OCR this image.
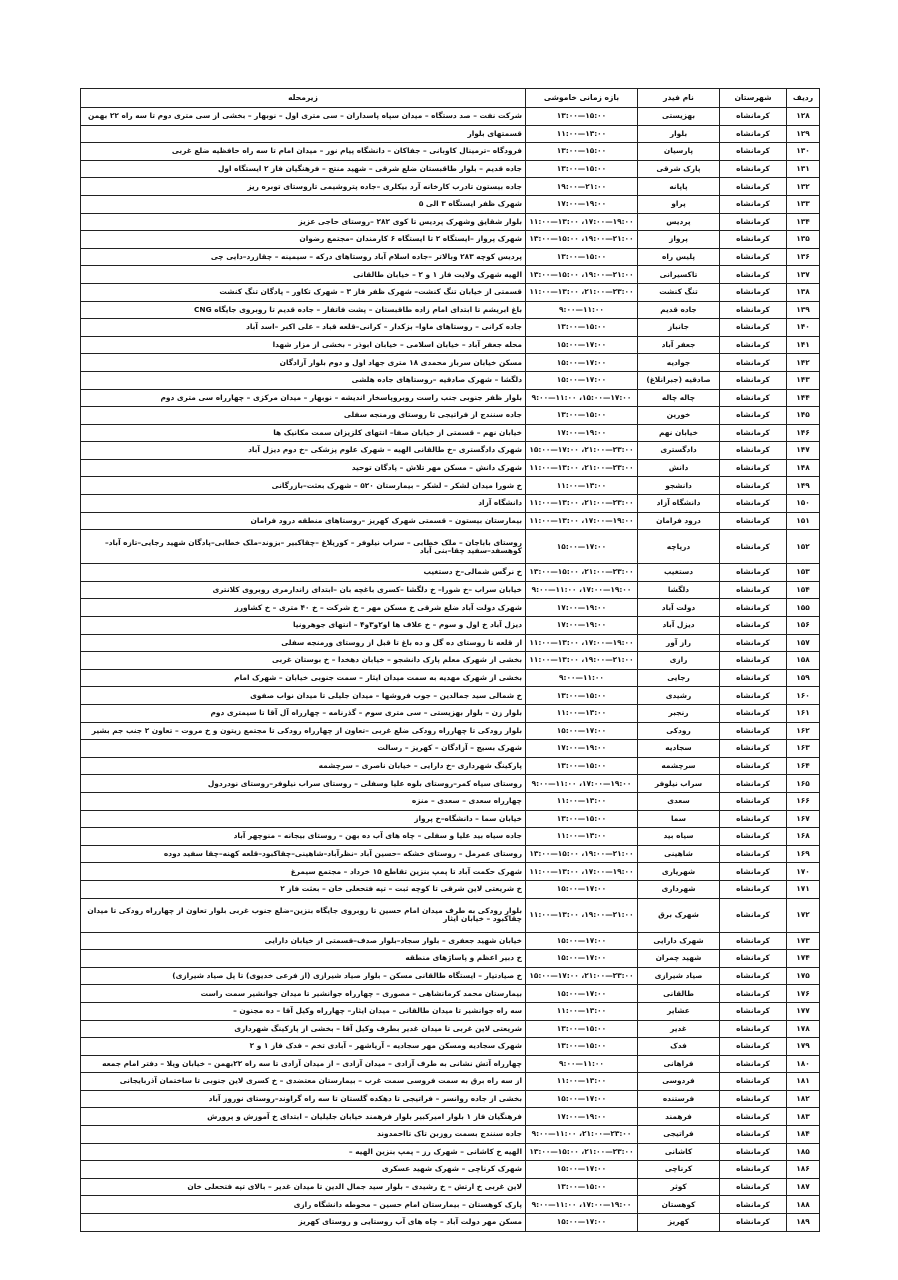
ردیف	شهرستان	نام فیدر	بازه زمانی خاموشی	زیرمحله
۱۲۸	کرمانشاه	بهزیستی	۱۵:۰۰—۱۳:۰۰	شرکت نفت – صد دستگاه – میدان سپاه پاسداران – سی متری اول – نوبهار – بخشی از سی متری دوم تا سه راه ۲۲ بهمن
۱۲۹	کرمانشاه	بلوار	۱۳:۰۰—۱۱:۰۰	قسمتهای بلوار
۱۳۰	کرمانشاه	پارسیان	۱۵:۰۰—۱۳:۰۰	فرودگاه –ترمینال کاوبانی – جفاکان – دانشگاه پیام نور – میدان امام تا سه راه حافظیه ضلع غربی
۱۳۱	کرمانشاه	پارک شرقی	۱۵:۰۰—۱۳:۰۰	جاده قدیم – بلوار طاقبستان ضلع شرقی – شهید منتج – فرهنگیان فاز ۲ ایستگاه اول
۱۳۲	کرمانشاه	پاپانه	۲۱:۰۰—۱۹:۰۰	جاده بیستون تادرب کارخانه آرد بیکلری –جاده پتروشیمی تاروستای توبره ریز
۱۳۳	کرمانشاه	پراو	۱۹:۰۰—۱۷:۰۰	شهرک ظفر ایستگاه ۳ الی ۵
۱۳۴	کرمانشاه	پردیس	۱۹:۰۰—۱۷:۰۰، ۱۳:۰۰—۱۱:۰۰	بلوار شقایق وشهرک پردیس تا کوی ۲۸۲ –روستای حاجی عزیز
۱۳۵	کرمانشاه	پرواز	۲۱:۰۰—۱۹:۰۰، ۱۵:۰۰—۱۳:۰۰	شهرک پرواز –ایستگاه ۲ تا ایستگاه ۶ کارمندان –مجتمع رضوان
۱۳۶	کرمانشاه	پلیس راه	۱۵:۰۰—۱۳:۰۰	پردیس کوچه ۲۸۳ وبالاتر –جاده اسلام آباد روستاهای درکه – سیمینه – چقازرد–دایی چی
۱۳۷	کرمانشاه	تاکسیرانی	۲۱:۰۰—۱۹:۰۰، ۱۵:۰۰—۱۳:۰۰	الهیه شهرک ولایت فاز ۱ و ۲ – خیابان طالقانی
۱۳۸	کرمانشاه	تنگ کنشت	۲۳:۰۰—۲۱:۰۰، ۱۳:۰۰—۱۱:۰۰	قسمتی از خیابان تنگ کنشت– شهرک ظفر فاز ۳ – شهرک تکاور – پادگان تنگ کنشت
۱۳۹	کرمانشاه	جاده قدیم	۱۱:۰۰—۹:۰۰	باغ ابریشم تا ابتدای امام زاده طاقبستان – پشت فاتفار – جاده قدیم تا روبروی جایگاه CNG
۱۴۰	کرمانشاه	جانباز	۱۵:۰۰—۱۳:۰۰	جاده کرانی – روستاهای ماوا– بزکدار – کرانی–قلعه قباد – علی اکبر –اسد آباد
۱۴۱	کرمانشاه	جعفر آباد	۱۷:۰۰—۱۵:۰۰	محله جعفر آباد – خیابان اسلامی – خیابان ابوذر – بخشی از مزار شهدا
۱۴۲	کرمانشاه	جوادیه	۱۷:۰۰—۱۵:۰۰	مسکن خیابان سرباز محمدی ۱۸ متری جهاد اول و دوم بلوار آزادگان
۱۴۳	کرمانشاه	صادقیه (جبرانلاغ)	۱۷:۰۰—۱۵:۰۰	دلگشا – شهرک صادقیه –روستاهای جاده هلشی
۱۴۴	کرمانشاه	چاله چاله	۱۷:۰۰—۱۵:۰۰، ۱۱:۰۰—۹:۰۰	بلوار ظفر جنوبی جنب راست روبروپاسخار اندیشه – نوبهار – میدان مرکزی – چهارراه سی متری دوم
۱۴۵	کرمانشاه	خورین	۱۵:۰۰—۱۳:۰۰	جاده سنندج از فراتیجی تا روستای ورمنجه سفلی
۱۴۶	کرمانشاه	خیابان نهم	۱۹:۰۰—۱۷:۰۰	خیابان نهم – قسمتی از خیابان صفا– انتهای کلزیزان سمت مکانیک ها
۱۴۷	کرمانشاه	دادگستری	۲۳:۰۰—۲۱:۰۰، ۱۷:۰۰—۱۵:۰۰	شهرک دادگستری –خ طالقانی الهیه – شهرک علوم پزشکی –خ دوم دیزل آباد
۱۴۸	کرمانشاه	دانش	۲۳:۰۰—۲۱:۰۰، ۱۳:۰۰—۱۱:۰۰	شهرک دانش – مسکن مهر تلاش – پادگان توحید
۱۴۹	کرمانشاه	دانشجو	۱۳:۰۰—۱۱:۰۰	خ شورا میدان لشکر – لشکر – بیمارستان ۵۲۰ – شهرک بعثت–بازرگانی
۱۵۰	کرمانشاه	دانشگاه آزاد	۲۳:۰۰—۲۱:۰۰، ۱۳:۰۰—۱۱:۰۰	دانشگاه آزاد
۱۵۱	کرمانشاه	درود فرامان	۱۹:۰۰—۱۷:۰۰، ۱۳:۰۰—۱۱:۰۰	بیمارستان بیستون – قسمتی شهرک کهریز –روستاهای منطقه درود فرامان
۱۵۲	کرمانشاه	دریاچه	۱۷:۰۰—۱۵:۰۰	روستای باباجان – ملک خطابی – سراب نیلوفر – کوریلاغ –چقاکبیر –بزوند–ملک خطابی–پادگان شهید رجایی–تازه آباد–کوهسفد–سفید چقا–بنی آباد
۱۵۳	کرمانشاه	دستغیب	۲۳:۰۰—۲۱:۰۰، ۱۵:۰۰—۱۳:۰۰	خ نرگس شمالی–خ دستغیب
۱۵۴	کرمانشاه	دلگشا	۱۹:۰۰—۱۷:۰۰، ۱۱:۰۰—۹:۰۰	خیابان سراب –خ شورا– خ دلگشا –کسری باغچه بان –ابتدای زاندارمری روبروی کلانتری
۱۵۵	کرمانشاه	دولت آباد	۱۹:۰۰—۱۷:۰۰	شهرک دولت آباد ضلع شرقی خ مسکن مهر – خ شرکت – خ ۴۰ متری – خ کشاورز
۱۵۶	کرمانشاه	دیزل آباد	۱۹:۰۰—۱۷:۰۰	دیزل آباد خ اول و سوم – خ علاف ها او۲و۳و۴ – انتهای جوهرونیا
۱۵۷	کرمانشاه	راز آور	۱۹:۰۰—۱۷:۰۰، ۱۳:۰۰—۱۱:۰۰	از قلعه تا روستای ده گل و ده باغ تا قبل از روستای ورمنجه سفلی
۱۵۸	کرمانشاه	رازی	۲۱:۰۰—۱۹:۰۰، ۱۳:۰۰—۱۱:۰۰	بخشی از شهرک معلم پارک دانشجو – خیابان دهخدا – خ بوستان غربی
۱۵۹	کرمانشاه	رجایی	۱۱:۰۰—۹:۰۰	بخشی از شهرک مهدیه به سمت میدان ایثار – سمت جنوبی خیابان – شهرک امام
۱۶۰	کرمانشاه	رشیدی	۱۵:۰۰—۱۳:۰۰	خ شمالی سید جمالدین – جوب فروشها – میدان جلیلی تا میدان نواب صفوی
۱۶۱	کرمانشاه	رنجبر	۱۳:۰۰—۱۱:۰۰	بلوار زن – بلوار بهزیستی – سی متری سوم – گذرنامه – چهارراه آل آقا تا سیمتری دوم
۱۶۲	کرمانشاه	رودکی	۱۷:۰۰—۱۵:۰۰	بلوار رودکی تا چهارراه رودکی ضلع غربی –تعاون از چهارراه رودکی تا مجتمع زیتون و خ مروت – تعاون ۲ جنب جم بشیر
۱۶۳	کرمانشاه	سجادیه	۱۹:۰۰—۱۷:۰۰	شهرک بسیج – آزادگان – کهریز – رسالت
۱۶۴	کرمانشاه	سرچشمه	۱۵:۰۰—۱۳:۰۰	پارکینگ شهرداری –خ دارایی – خیابان ناصری – سرچشمه
۱۶۵	کرمانشاه	سراب نیلوفر	۱۹:۰۰—۱۷:۰۰، ۱۱:۰۰—۹:۰۰	روستای سیاه کمر–روستای بلوه علیا وسفلی – روستای سراب نیلوفر–روستای نودردول
۱۶۶	کرمانشاه	سعدی	۱۳:۰۰—۱۱:۰۰	چهارراه سعدی – سعدی – منزه
۱۶۷	کرمانشاه	سما	۱۵:۰۰—۱۳:۰۰	خیابان سما – دانشگاه–خ پرواز
۱۶۸	کرمانشاه	سیاه بید	۱۳:۰۰—۱۱:۰۰	جاده سیاه بید علیا و سفلی – چاه های آب ده بهن – روستای بیجانه – منوچهر آباد
۱۶۹	کرمانشاه	شاهینی	۲۱:۰۰—۱۹:۰۰، ۱۵:۰۰—۱۳:۰۰	روستای عمرمل – روستای خشکه –حسین آباد –نظرآباد–شاهینی–چقاکبود–قلعه کهنه–چقا سفید دوده
۱۷۰	کرمانشاه	شهریاری	۱۹:۰۰—۱۷:۰۰، ۱۳:۰۰—۱۱:۰۰	شهرک حکمت آباد تا پمپ بنزین تقاطع ۱۵ خرداد – مجتمع سیمرغ
۱۷۱	کرمانشاه	شهرداری	۱۷:۰۰—۱۵:۰۰	خ شریعتی لاین شرقی تا کوچه ثبت – تپه فتحعلی خان – بعثت فاز ۲
۱۷۲	کرمانشاه	شهرک برق	۲۱:۰۰—۱۹:۰۰، ۱۳:۰۰—۱۱:۰۰	بلوار رودکی به طرف میدان امام حسین تا روبروی جایگاه بنزین–ضلع جنوب غربی بلوار تعاون از چهارراه رودکی تا میدان چقاکبود – خیابان ایثار
۱۷۳	کرمانشاه	شهرک دارایی	۱۷:۰۰—۱۵:۰۰	خیابان شهید جعفری – بلوار سجاد–بلوار صدف–قسمتی از خیابان دارایی
۱۷۴	کرمانشاه	شهید چمران	۱۷:۰۰—۱۵:۰۰	خ دبیر اعظم و پاساژهای منطقه
۱۷۵	کرمانشاه	صیاد شیرازی	۲۳:۰۰—۲۱:۰۰، ۱۷:۰۰—۱۵:۰۰	خ صیادتیار – ایستگاه طالقانی مسکن – بلوار صیاد شیرازی (از فرعی خدیوی) تا پل صیاد شیرازی)
۱۷۶	کرمانشاه	طالقانی	۱۷:۰۰—۱۵:۰۰	بیمارستان محمد کرمانشاهی – مصوری – چهارراه جوانشیر تا میدان جوانشیر سمت راست
۱۷۷	کرمانشاه	عشایر	۱۳:۰۰—۱۱:۰۰	سه راه جوانشیر تا میدان طالقانی – میدان ایثار– چهارراه وکیل آقا – ده مجنون –
۱۷۸	کرمانشاه	غدیر	۱۵:۰۰—۱۳:۰۰	شریعتی لاین غربی تا میدان غدیر بطرف وکیل آقا – بخشی از پارکینگ شهرداری
۱۷۹	کرمانشاه	فدک	۱۵:۰۰—۱۳:۰۰	شهرک سجادیه ومسکن مهر سجادیه – آریاشهر – آبادی تخم – فدک فاز ۱ و ۲
۱۸۰	کرمانشاه	فراهانی	۱۱:۰۰—۹:۰۰	چهارراه آتش نشانی به طرف آزادی – میدان آزادی – از میدان آزادی تا سه راه ۲۲بهمن – خیابان ویلا – دفتر امام جمعه
۱۸۱	کرمانشاه	فردوسی	۱۳:۰۰—۱۱:۰۰	از سه راه برق به سمت فروسی سمت غرب – بیمارستان معتضدی – خ کسری لاین جنوبی تا ساختمان آذربایجانی
۱۸۲	کرمانشاه	فرستنده	۱۷:۰۰—۱۵:۰۰	بخشی از جاده روانسر – فراتیجی تا دهکده گلستان تا سه راه گراوند–روستای نوروز آباد
۱۸۳	کرمانشاه	فرهمند	۱۹:۰۰—۱۷:۰۰	فرهنگیان فاز ۱ بلوار امیرکبیر بلوار فرهمند خیابان جلیلیان – ابتدای خ آموزش و پرورش
۱۸۴	کرمانشاه	فراتیجی	۲۳:۰۰—۲۱:۰۰، ۱۱:۰۰—۹:۰۰	جاده سنندج بسمت روزبن تاک تااحمدوند
۱۸۵	کرمانشاه	کاشانی	۲۳:۰۰—۲۱:۰۰، ۱۵:۰۰—۱۳:۰۰	الهیه خ کاشانی – شهرک رز – پمپ بنزین الهیه –
۱۸۶	کرمانشاه	کرناچی	۱۷:۰۰—۱۵:۰۰	شهرک کرناچی – شهرک شهید عسکری
۱۸۷	کرمانشاه	کوثر	۱۵:۰۰—۱۳:۰۰	لاین غربی خ ارتش – خ رشیدی – بلوار سید جمال الدین تا میدان غدیر – بالای تپه فتحعلی خان
۱۸۸	کرمانشاه	کوهستان	۱۹:۰۰—۱۷:۰۰، ۱۱:۰۰—۹:۰۰	پارک کوهستان – بیمارستان امام حسین – محوطه دانشگاه رازی
۱۸۹	کرمانشاه	کهریز	۱۷:۰۰—۱۵:۰۰	مسکن مهر دولت آباد – چاه های آب روستایی و روستای کهریز
